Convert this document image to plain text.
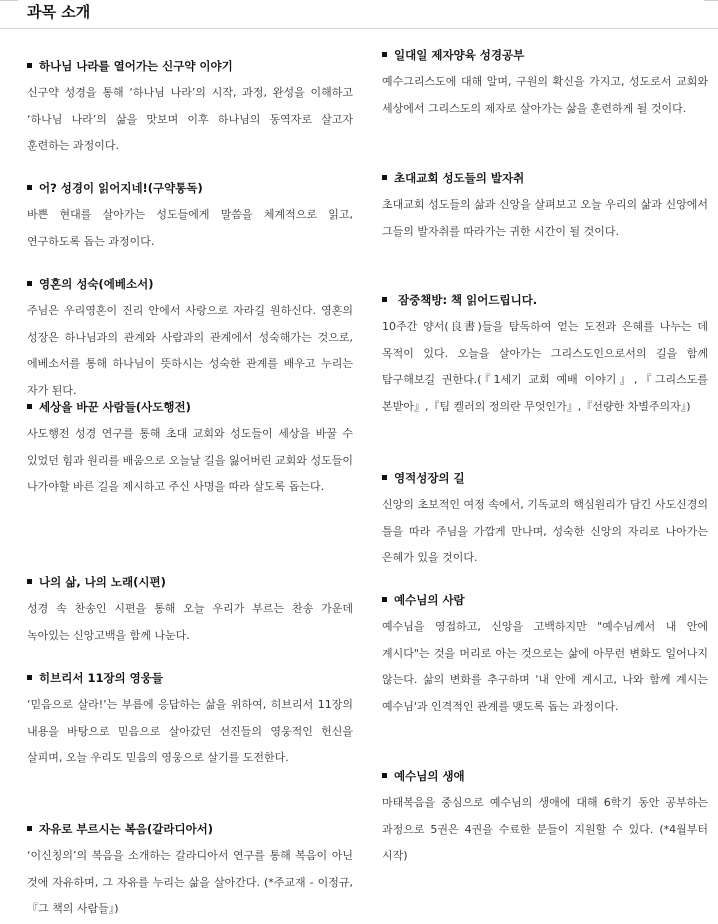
과목 소개
하나님 나라를 열어가는 신구약 이야기
신구약 성경을 통해 ‘하나님 나라’의 시작, 과정, 완성을 이해하고 ‘하나님 나라’의 삶을 맛보며 이후 하나님의 동역자로 살고자 훈련하는 과정이다.
어? 성경이 읽어지네!(구약통독)
바쁜 현대를 살아가는 성도들에게 말씀을 체계적으로 읽고, 연구하도록 돕는 과정이다.
영혼의 성숙(에베소서)
주님은 우리영혼이 진리 안에서 사랑으로 자라길 원하신다. 영혼의 성장은 하나님과의 관계와 사람과의 관계에서 성숙해가는 것으로, 에베소서를 통해 하나님이 뜻하시는 성숙한 관계를 배우고 누리는 자가 된다.
세상을 바꾼 사람들(사도행전)
사도행전 성경 연구를 통해 초대 교회와 성도들이 세상을 바꿀 수 있었던 힘과 원리를 배움으로 오늘날 길을 잃어버린 교회와 성도들이 나가야할 바른 길을 제시하고 주신 사명을 따라 살도록 돕는다.
나의 삶, 나의 노래(시편)
성경 속 찬송인 시편을 통해 오늘 우리가 부르는 찬송 가운데 녹아있는 신앙고백을 함께 나눈다.
히브리서 11장의 영웅들
‘믿음으로 살라!’는 부름에 응답하는 삶을 위하여, 히브리서 11장의 내용을 바탕으로 믿음으로 살아갔던 선진들의 영웅적인 헌신을 살피며, 오늘 우리도 믿음의 영웅으로 살기를 도전한다.
자유로 부르시는 복음(갈라디아서)
‘이신칭의’의 복음을 소개하는 갈라디아서 연구를 통해 복음이 아닌 것에 자유하며, 그 자유를 누리는 삶을 살아간다. (*주교재 - 이정규,『그 책의 사람들』)
일대일 제자양육 성경공부
예수그리스도에 대해 알며, 구원의 확신을 가지고, 성도로서 교회와 세상에서 그리스도의 제자로 살아가는 삶을 훈련하게 될 것이다.
초대교회 성도들의 발자취
초대교회 성도들의 삶과 신앙을 살펴보고 오늘 우리의 삶과 신앙에서 그들의 발자취를 따라가는 귀한 시간이 될 것이다.
잠중책방: 책 읽어드립니다.
10주간 양서(良書)들을 탐독하여 얻는 도전과 은혜를 나누는 데 목적이 있다. 오늘을 살아가는 그리스도인으로서의 길을 함께 탐구해보길 권한다.(『1세기 교회 예배 이야기』,『그리스도를 본받아』,『팀 켈러의 정의란 무엇인가』,『선량한 차별주의자』)
영적성장의 길
신앙의 초보적인 여정 속에서, 기독교의 핵심원리가 담긴 사도신경의 틀을 따라 주님을 가깝게 만나며, 성숙한 신앙의 자리로 나아가는 은혜가 있을 것이다.
예수님의 사람
예수님을 영접하고, 신앙을 고백하지만 "예수님께서 내 안에 계시다"는 것을 머리로 아는 것으로는 삶에 아무런 변화도 일어나지 않는다. 삶의 변화를 추구하며 '내 안에 계시고, 나와 함께 계시는 예수님'과 인격적인 관계를 맺도록 돕는 과정이다.
예수님의 생애
마태복음을 중심으로 예수님의 생애에 대해 6학기 동안 공부하는 과정으로 5권은 4권을 수료한 분들이 지원할 수 있다. (*4월부터 시작)
